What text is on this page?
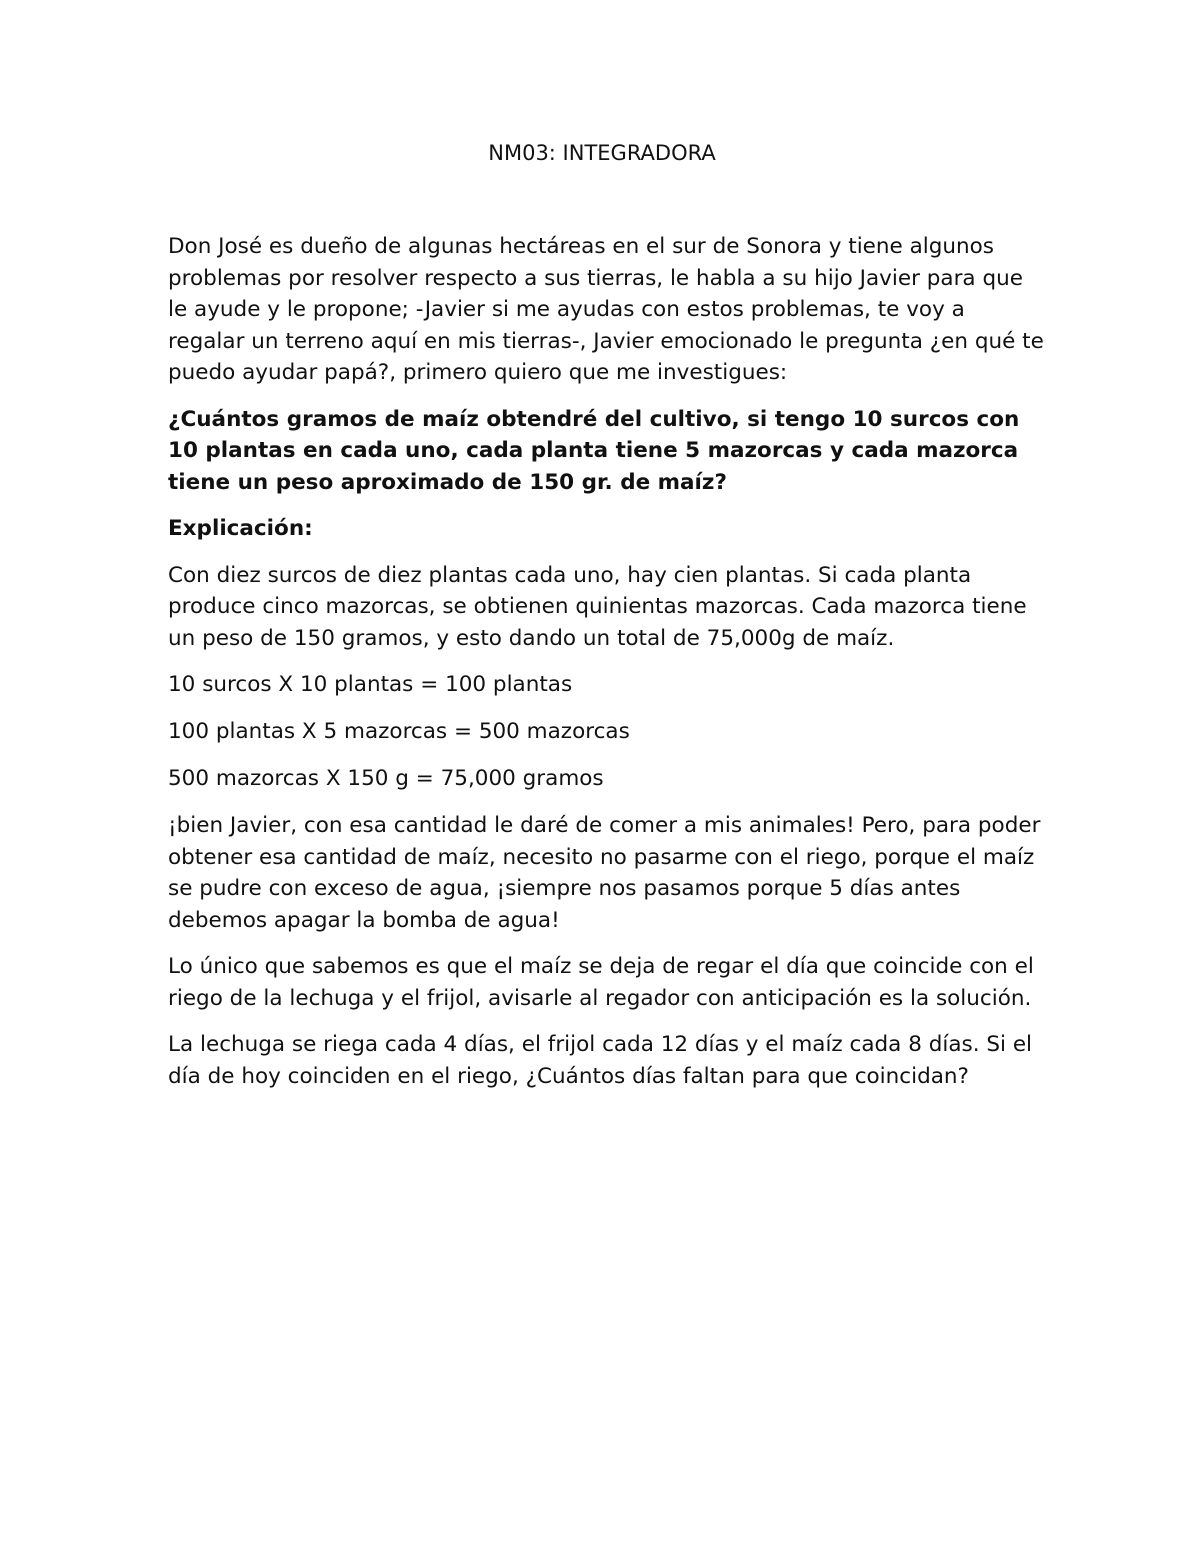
NM03: INTEGRADORA

Don José es dueño de algunas hectáreas en el sur de Sonora y tiene algunos problemas por resolver respecto a sus tierras, le habla a su hijo Javier para que le ayude y le propone; -Javier si me ayudas con estos problemas, te voy a regalar un terreno aquí en mis tierras-, Javier emocionado le pregunta ¿en qué te puedo ayudar papá?, primero quiero que me investigues:

¿Cuántos gramos de maíz obtendré del cultivo, si tengo 10 surcos con 10 plantas en cada uno, cada planta tiene 5 mazorcas y cada mazorca tiene un peso aproximado de 150 gr. de maíz?

Explicación:

Con diez surcos de diez plantas cada uno, hay cien plantas. Si cada planta produce cinco mazorcas, se obtienen quinientas mazorcas. Cada mazorca tiene un peso de 150 gramos, y esto dando un total de 75,000g de maíz.

10 surcos X 10 plantas = 100 plantas

100 plantas X 5 mazorcas = 500 mazorcas

500 mazorcas X 150 g = 75,000 gramos

¡bien Javier, con esa cantidad le daré de comer a mis animales! Pero, para poder obtener esa cantidad de maíz, necesito no pasarme con el riego, porque el maíz se pudre con exceso de agua, ¡siempre nos pasamos porque 5 días antes debemos apagar la bomba de agua!

Lo único que sabemos es que el maíz se deja de regar el día que coincide con el riego de la lechuga y el frijol, avisarle al regador con anticipación es la solución.

La lechuga se riega cada 4 días, el frijol cada 12 días y el maíz cada 8 días. Si el día de hoy coinciden en el riego, ¿Cuántos días faltan para que coincidan?
